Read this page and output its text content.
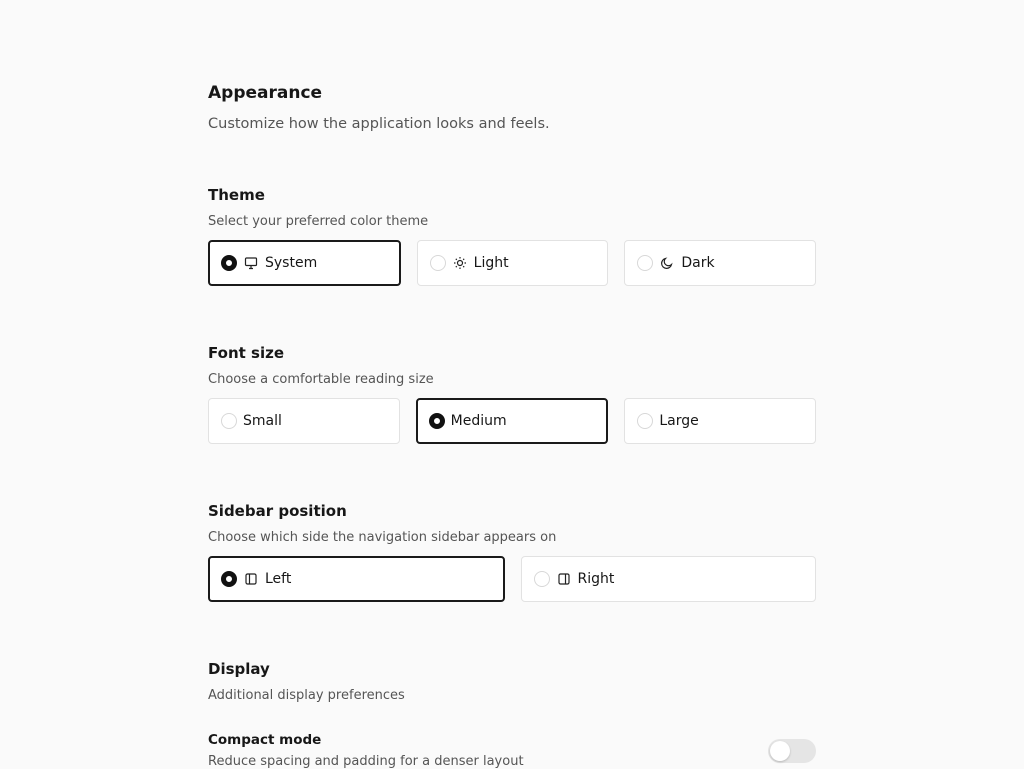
Appearance
Customize how the application looks and feels.
Theme
Select your preferred color theme
System	Light	Dark
Font size
Choose a comfortable reading size
Small	Medium	Large
Sidebar position
Choose which side the navigation sidebar appears on
Left	Right
Display
Additional display preferences
Compact mode
Reduce spacing and padding for a denser layout
